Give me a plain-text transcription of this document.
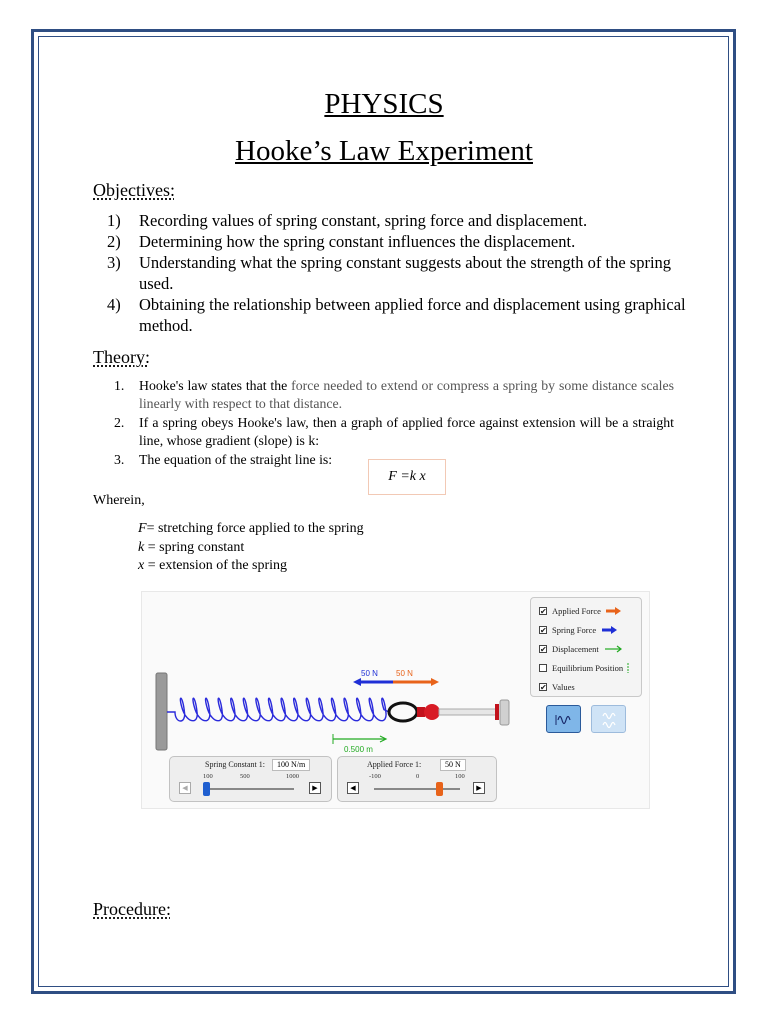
PHYSICS
Hooke’s Law Experiment
Objectives:
1) Recording values of spring constant, spring force and displacement.
2) Determining how the spring constant influences the displacement.
3) Understanding what the spring constant suggests about the strength of the spring used.
4) Obtaining the relationship between applied force and displacement using graphical method.
Theory:
1. Hooke's law states that the force needed to extend or compress a spring by some distance scales linearly with respect to that distance.
2. If a spring obeys Hooke's law, then a graph of applied force against extension will be a straight line, whose gradient (slope) is k:
3. The equation of the straight line is:
F =k x
Wherein,
F= stretching force applied to the spring
k = spring constant
x = extension of the spring
50 N 50 N
0.500 m
✔ Applied Force
✔ Spring Force
✔ Displacement
Equilibrium Position
✔ Values
Spring Constant 1:	100 N/m
100	500	1000
◀	▶
Applied Force 1:	50 N
-100	0	100
◀	▶
Procedure:
